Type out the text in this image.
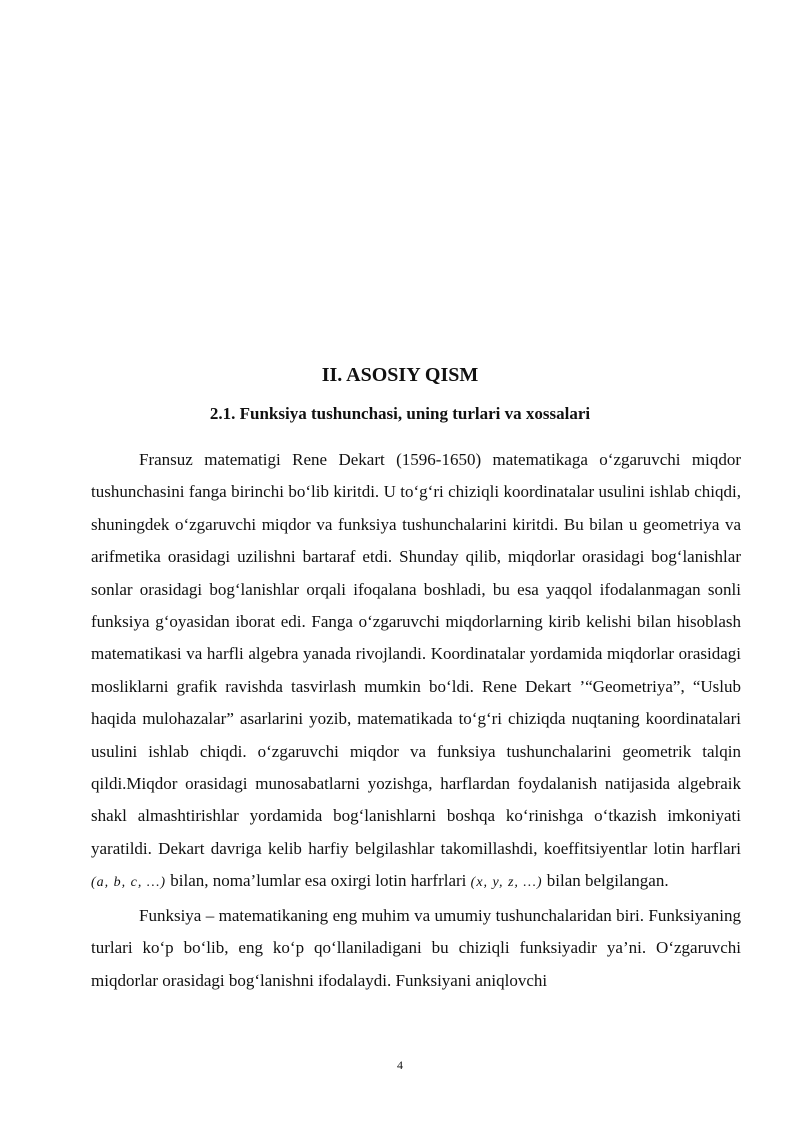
II. ASOSIY QISM
2.1. Funksiya tushunchasi, uning turlari va xossalari

Fransuz matematigi Rene Dekart (1596-1650) matematikaga o‘zgaruvchi miqdor tushunchasini fanga birinchi bo‘lib kiritdi. U to‘g‘ri chiziqli koordinatalar usulini ishlab chiqdi, shuningdek o‘zgaruvchi miqdor va funksiya tushunchalarini kiritdi. Bu bilan u geometriya va arifmetika orasidagi uzilishni bartaraf etdi. Shunday qilib, miqdorlar orasidagi bog‘lanishlar sonlar orasidagi bog‘lanishlar orqali ifoqalana boshladi, bu esa yaqqol ifodalanmagan sonli funksiya g‘oyasidan iborat edi. Fanga o‘zgaruvchi miqdorlarning kirib kelishi bilan hisoblash matematikasi va harfli algebra yanada rivojlandi. Koordinatalar yordamida miqdorlar orasidagi mosliklarni grafik ravishda tasvirlash mumkin bo‘ldi. Rene Dekart ’“Geometriya”, “Uslub haqida mulohazalar” asarlarini yozib, matematikada to‘g‘ri chiziqda nuqtaning koordinatalari usulini ishlab chiqdi. o‘zgaruvchi miqdor va funksiya tushunchalarini geometrik talqin qildi.Miqdor orasidagi munosabatlarni yozishga, harflardan foydalanish natijasida algebraik shakl almashtirishlar yordamida bog‘lanishlarni boshqa ko‘rinishga o‘tkazish imkoniyati yaratildi. Dekart davriga kelib harfiy belgilashlar takomillashdi, koeffitsiyentlar lotin harflari (a, b, c, …) bilan, noma’lumlar esa oxirgi lotin harfrlari (x, y, z, …) bilan belgilangan.

Funksiya – matematikaning eng muhim va umumiy tushunchalaridan biri. Funksiyaning turlari ko‘p bo‘lib, eng ko‘p qo‘llaniladigani bu chiziqli funksiyadir ya’ni. O‘zgaruvchi miqdorlar orasidagi bog‘lanishni ifodalaydi. Funksiyani aniqlovchi

4
